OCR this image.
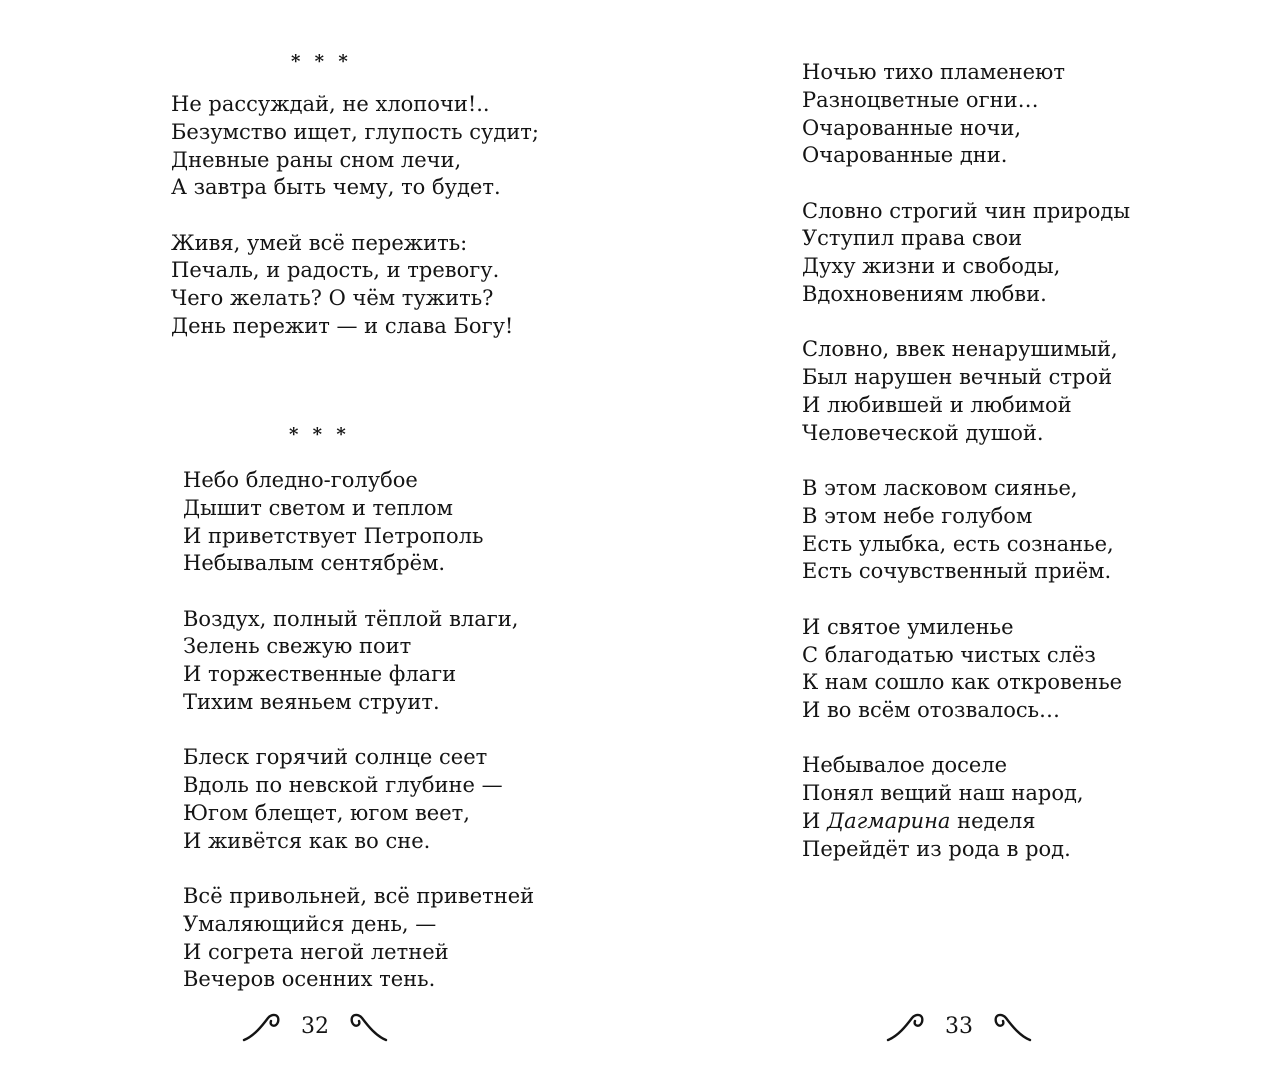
* * *
Не рассуждай, не хлопочи!..
Безумство ищет, глупость судит;
Дневные раны сном лечи,
А завтра быть чему, то будет.
Живя, умей всё пережить:
Печаль, и радость, и тревогу.
Чего желать? О чём тужить?
День пережит — и слава Богу!
* * *
Небо бледно-голубое
Дышит светом и теплом
И приветствует Петрополь
Небывалым сентябрём.
Воздух, полный тёплой влаги,
Зелень свежую поит
И торжественные флаги
Тихим веяньем струит.
Блеск горячий солнце сеет
Вдоль по невской глубине —
Югом блещет, югом веет,
И живётся как во сне.
Всё привольней, всё приветней
Умаляющийся день, —
И согрета негой летней
Вечеров осенних тень.
32
Ночью тихо пламенеют
Разноцветные огни…
Очарованные ночи,
Очарованные дни.
Словно строгий чин природы
Уступил права свои
Духу жизни и свободы,
Вдохновениям любви.
Словно, ввек ненарушимый,
Был нарушен вечный строй
И любившей и любимой
Человеческой душой.
В этом ласковом сиянье,
В этом небе голубом
Есть улыбка, есть сознанье,
Есть сочувственный приём.
И святое умиленье
С благодатью чистых слёз
К нам сошло как откровенье
И во всём отозвалось…
Небывалое доселе
Понял вещий наш народ,
И Дагмарина неделя
Перейдёт из рода в род.
33
